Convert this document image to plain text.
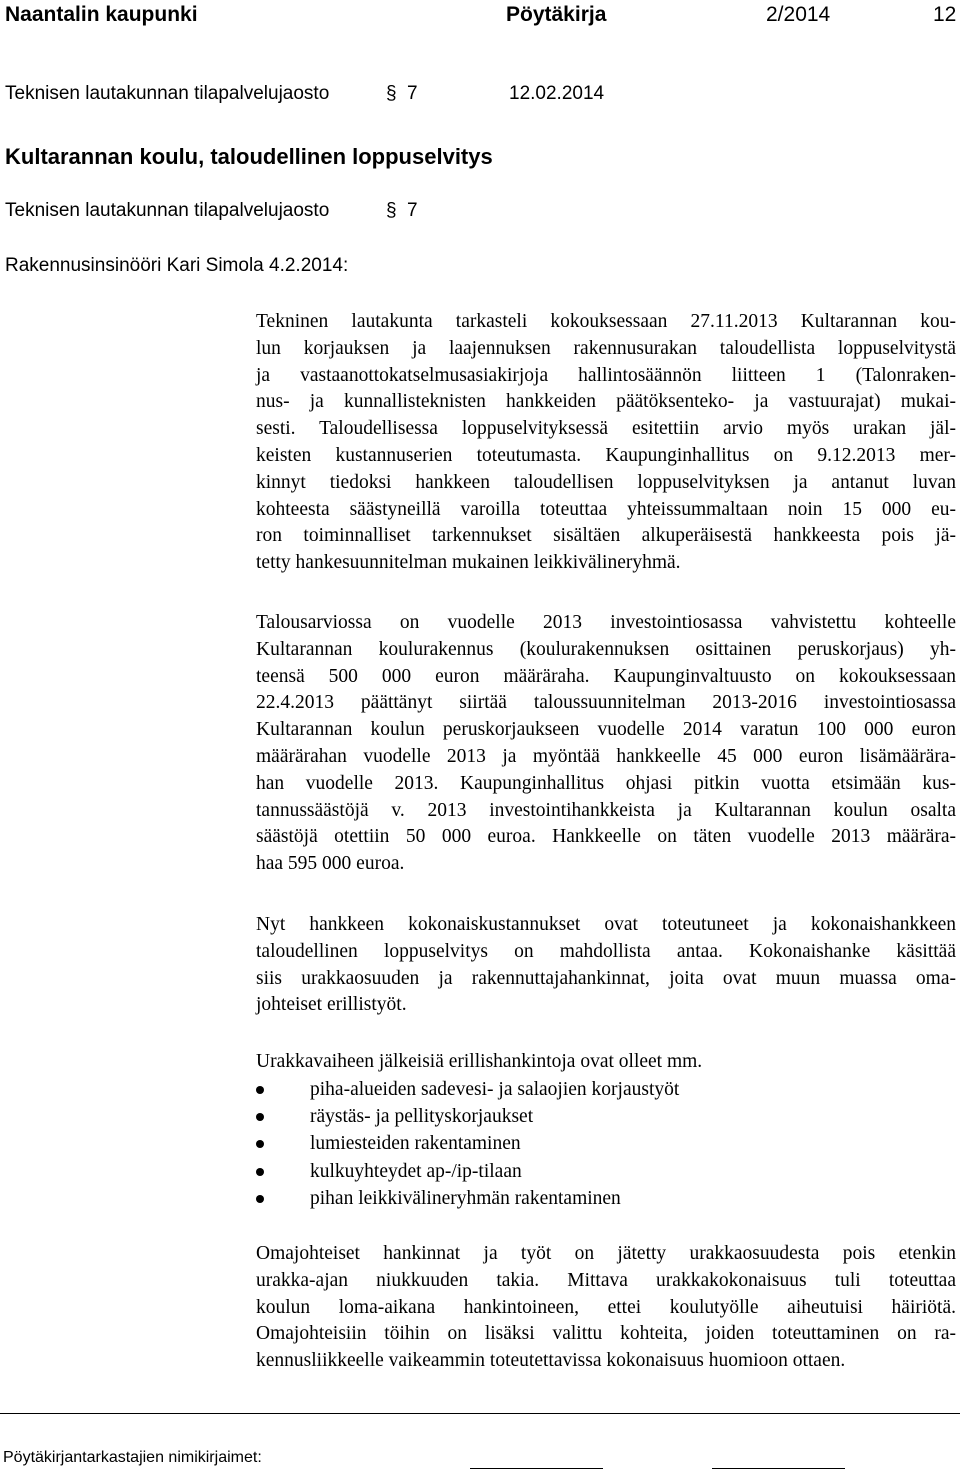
Naantalin kaupunki	Pöytäkirja	2/2014	12
Teknisen lautakunnan tilapalvelujaosto	§ 7	12.02.2014
Kultarannan koulu, taloudellinen loppuselvitys
Teknisen lautakunnan tilapalvelujaosto	§ 7
Rakennusinsinööri Kari Simola 4.2.2014:
Tekninen lautakunta tarkasteli kokouksessaan 27.11.2013 Kultarannan kou-
lun korjauksen ja laajennuksen rakennusurakan taloudellista loppuselvitystä
ja vastaanottokatselmusasiakirjoja hallintosäännön liitteen 1 (Talonraken-
nus- ja kunnallisteknisten hankkeiden päätöksenteko- ja vastuurajat) mukai-
sesti. Taloudellisessa loppuselvityksessä esitettiin arvio myös urakan jäl-
keisten kustannuserien toteutumasta. Kaupunginhallitus on 9.12.2013 mer-
kinnyt tiedoksi hankkeen taloudellisen loppuselvityksen ja antanut luvan
kohteesta säästyneillä varoilla toteuttaa yhteissummaltaan noin 15 000 eu-
ron toiminnalliset tarkennukset sisältäen alkuperäisestä hankkeesta pois jä-
tetty hankesuunnitelman mukainen leikkivälineryhmä.
Talousarviossa on vuodelle 2013 investointiosassa vahvistettu kohteelle
Kultarannan koulurakennus (koulurakennuksen osittainen peruskorjaus) yh-
teensä 500 000 euron määräraha. Kaupunginvaltuusto on kokouksessaan
22.4.2013 päättänyt siirtää taloussuunnitelman 2013-2016 investointiosassa
Kultarannan koulun peruskorjaukseen vuodelle 2014 varatun 100 000 euron
määrärahan vuodelle 2013 ja myöntää hankkeelle 45 000 euron lisämäärära-
han vuodelle 2013. Kaupunginhallitus ohjasi pitkin vuotta etsimään kus-
tannussäästöjä v. 2013 investointihankkeista ja Kultarannan koulun osalta
säästöjä otettiin 50 000 euroa. Hankkeelle on täten vuodelle 2013 määrära-
haa 595 000 euroa.
Nyt hankkeen kokonaiskustannukset ovat toteutuneet ja kokonaishankkeen
taloudellinen loppuselvitys on mahdollista antaa. Kokonaishanke käsittää
siis urakkaosuuden ja rakennuttajahankinnat, joita ovat muun muassa oma-
johteiset erillistyöt.
Urakkavaiheen jälkeisiä erillishankintoja ovat olleet mm.
piha-alueiden sadevesi- ja salaojien korjaustyöt
räystäs- ja pellityskorjaukset
lumiesteiden rakentaminen
kulkuyhteydet ap-/ip-tilaan
pihan leikkivälineryhmän rakentaminen
Omajohteiset hankinnat ja työt on jätetty urakkaosuudesta pois etenkin
urakka-ajan niukkuuden takia. Mittava urakkakokonaisuus tuli toteuttaa
koulun loma-aikana hankintoineen, ettei koulutyölle aiheutuisi häiriötä.
Omajohteisiin töihin on lisäksi valittu kohteita, joiden toteuttaminen on ra-
kennusliikkeelle vaikeammin toteutettavissa kokonaisuus huomioon ottaen.
Pöytäkirjantarkastajien nimikirjaimet:
